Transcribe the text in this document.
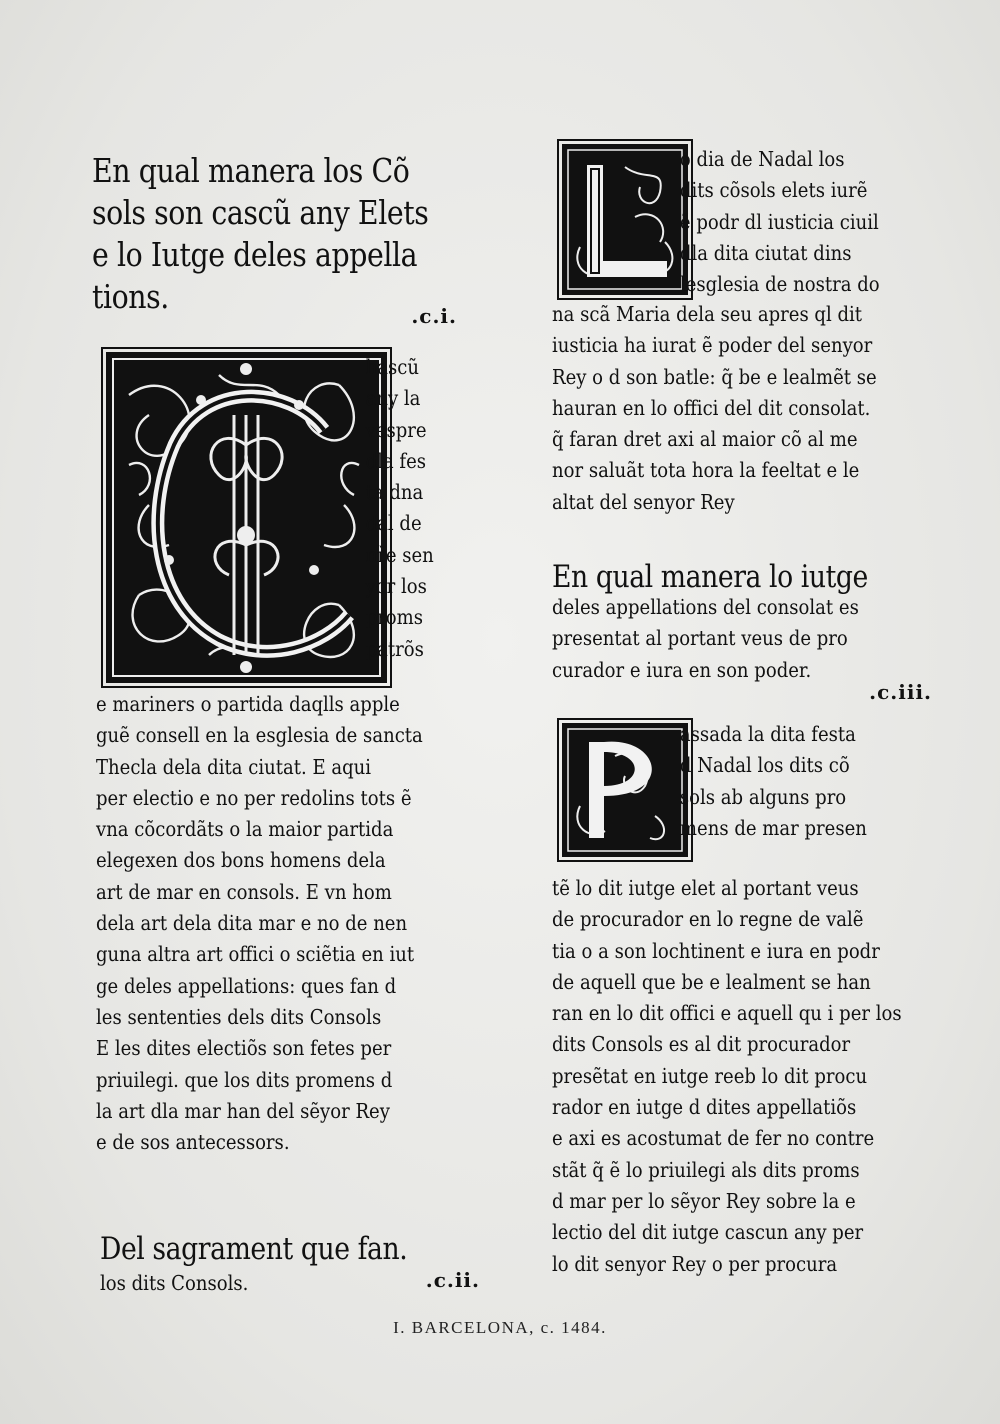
En qual manera los Cõ
sols son cascũ any Elets
e lo Iutge deles appella
tions.	.c.i.
hascũ
any la
vespre
dla fes
ta dna
dal de
nře sen
yor los
proms
patrõs
e mariners o partida daqlls apple
guẽ consell en la esglesia de sancta
Thecla dela dita ciutat. E aqui
per electio e no per redolins tots ẽ
vna cõcordãts o la maior partida
elegexen dos bons homens dela
art de mar en consols. E vn hom
dela art dela dita mar e no de nen
guna altra art offici o sciẽtia en iut
ge deles appellations: ques fan d
les sententies dels dits Consols
E les dites electiõs son fetes per
priuilegi. que los dits promens d
la art dla mar han del sẽyor Rey
e de sos antecessors.
Del sagrament que fan.
los dits Consols.	.c.ii.
o dia de Nadal los
dits cõsols elets iurẽ
ẽ podr dl iusticia ciuil
dla dita ciutat dins
lesglesia de nostra do
na scã Maria dela seu apres ql dit
iusticia ha iurat ẽ poder del senyor
Rey o d son batle: q̃ be e lealmẽt se
hauran en lo offici del dit consolat.
q̃ faran dret axi al maior cõ al me
nor saluãt tota hora la feeltat e le
altat del senyor Rey
En qual manera lo iutge
deles appellations del consolat es
presentat al portant veus de pro
curador e iura en son poder.
.c.iii.
assada la dita festa
d Nadal los dits cõ
sols ab alguns pro
mens de mar presen
tẽ lo dit iutge elet al portant veus
de procurador en lo regne de valẽ
tia o a son lochtinent e iura en podr
de aquell que be e lealment se han
ran en lo dit offici e aquell qu i per los
dits Consols es al dit procurador
presẽtat en iutge reeb lo dit procu
rador en iutge d dites appellatiõs
e axi es acostumat de fer no contre
stãt q̃ ẽ lo priuilegi als dits proms
d mar per lo sẽyor Rey sobre la e
lectio del dit iutge cascun any per
lo dit senyor Rey o per procura
I. BARCELONA, c. 1484.
